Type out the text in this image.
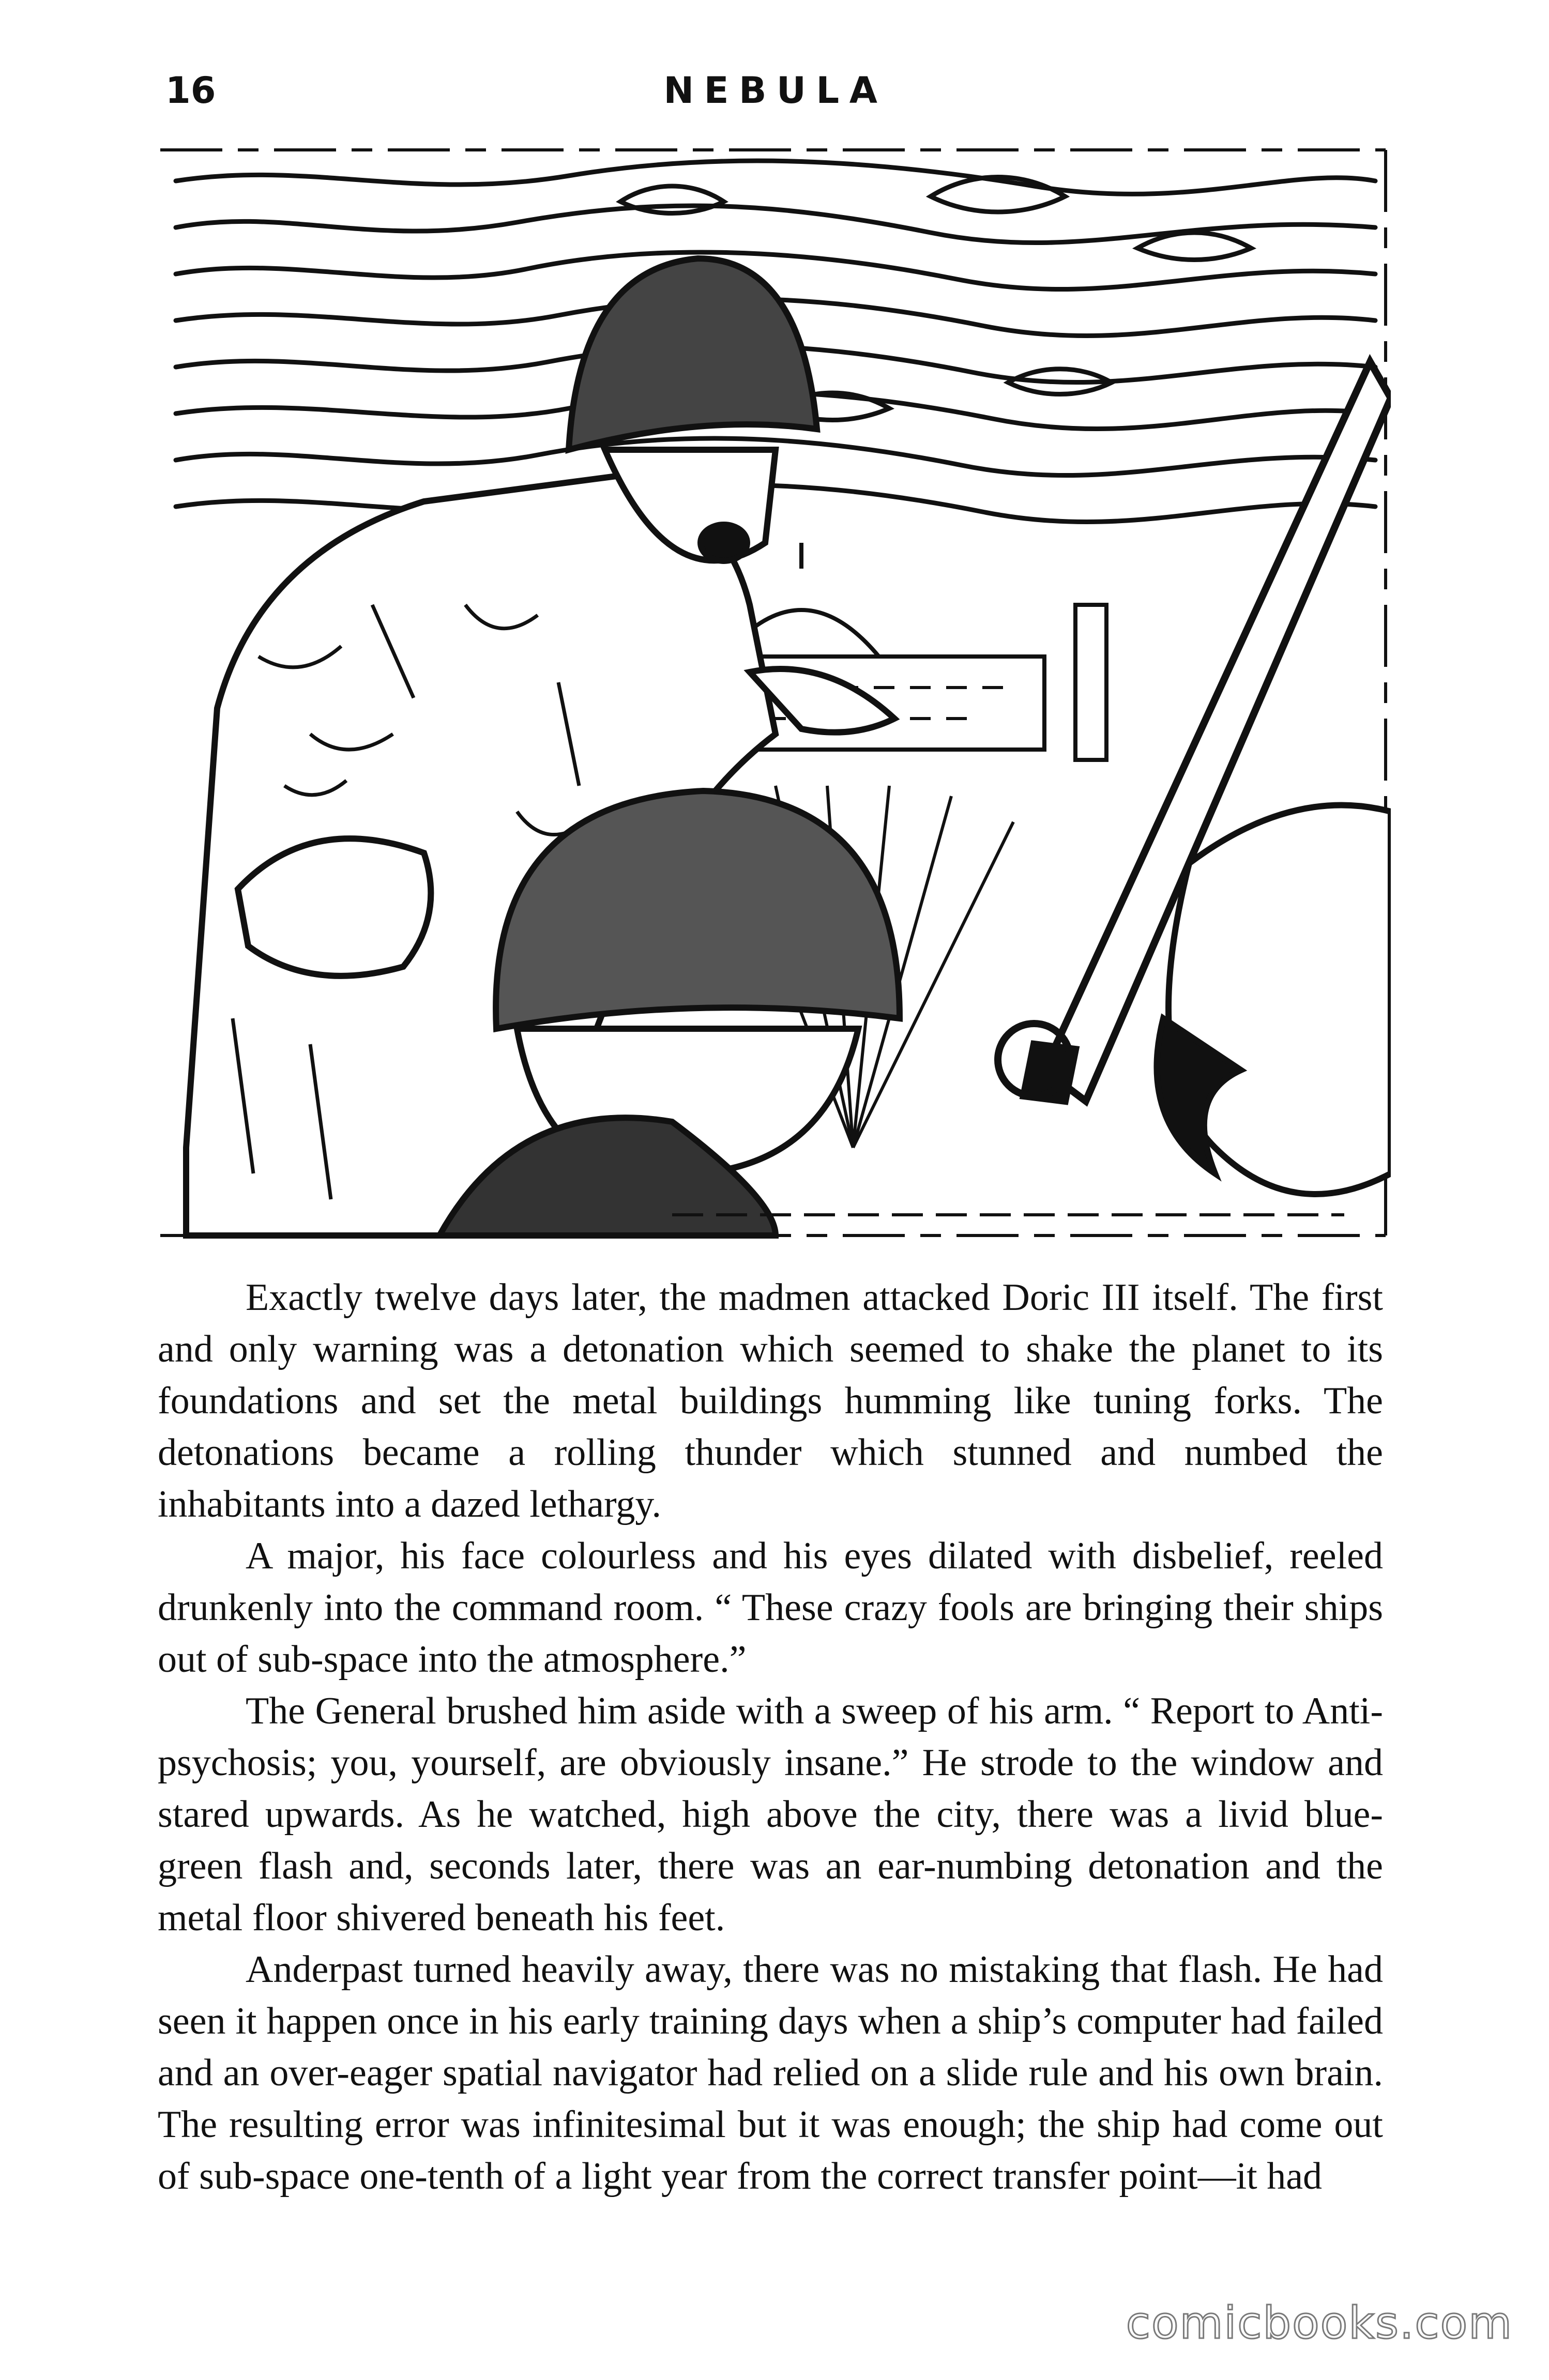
16	NEBULA

Exactly twelve days later, the madmen attacked Doric III itself. The first and only warning was a detonation which seemed to shake the planet to its foundations and set the metal buildings humming like tuning forks. The detonations became a rolling thunder which stunned and numbed the inhabitants into a dazed lethargy.

A major, his face colourless and his eyes dilated with disbelief, reeled drunkenly into the command room. “ These crazy fools are bringing their ships out of sub-space into the atmosphere.”

The General brushed him aside with a sweep of his arm. “ Report to Anti-psychosis; you, yourself, are obviously insane.” He strode to the window and stared upwards. As he watched, high above the city, there was a livid blue-green flash and, seconds later, there was an ear-numbing detonation and the metal floor shivered beneath his feet.

Anderpast turned heavily away, there was no mistaking that flash. He had seen it happen once in his early training days when a ship’s computer had failed and an over-eager spatial navigator had relied on a slide rule and his own brain. The resulting error was infinitesimal but it was enough; the ship had come out of sub-space one-tenth of a light year from the correct transfer point—it had

comicbooks.com
